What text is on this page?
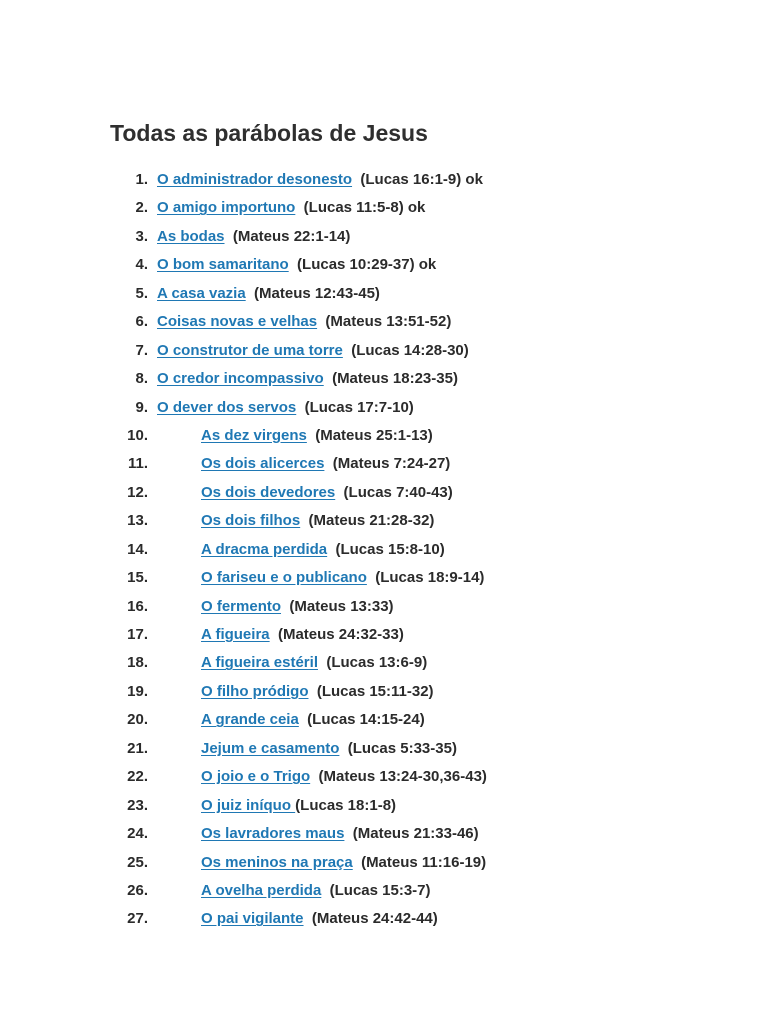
Todas as parábolas de Jesus
1. O administrador desonesto  (Lucas 16:1-9) ok
2. O amigo importuno  (Lucas 11:5-8) ok
3. As bodas  (Mateus 22:1-14)
4. O bom samaritano  (Lucas 10:29-37) ok
5. A casa vazia  (Mateus 12:43-45)
6. Coisas novas e velhas  (Mateus 13:51-52)
7. O construtor de uma torre  (Lucas 14:28-30)
8. O credor incompassivo  (Mateus 18:23-35)
9. O dever dos servos  (Lucas 17:7-10)
10.	As dez virgens  (Mateus 25:1-13)
11.	Os dois alicerces  (Mateus 7:24-27)
12.	Os dois devedores  (Lucas 7:40-43)
13.	Os dois filhos  (Mateus 21:28-32)
14.	A dracma perdida  (Lucas 15:8-10)
15.	O fariseu e o publicano  (Lucas 18:9-14)
16.	O fermento  (Mateus 13:33)
17.	A figueira  (Mateus 24:32-33)
18.	A figueira estéril  (Lucas 13:6-9)
19.	O filho pródigo  (Lucas 15:11-32)
20.	A grande ceia  (Lucas 14:15-24)
21.	Jejum e casamento  (Lucas 5:33-35)
22.	O joio e o Trigo  (Mateus 13:24-30,36-43)
23.	O juiz iníquo (Lucas 18:1-8)
24.	Os lavradores maus  (Mateus 21:33-46)
25.	Os meninos na praça  (Mateus 11:16-19)
26.	A ovelha perdida  (Lucas 15:3-7)
27.	O pai vigilante  (Mateus 24:42-44)
